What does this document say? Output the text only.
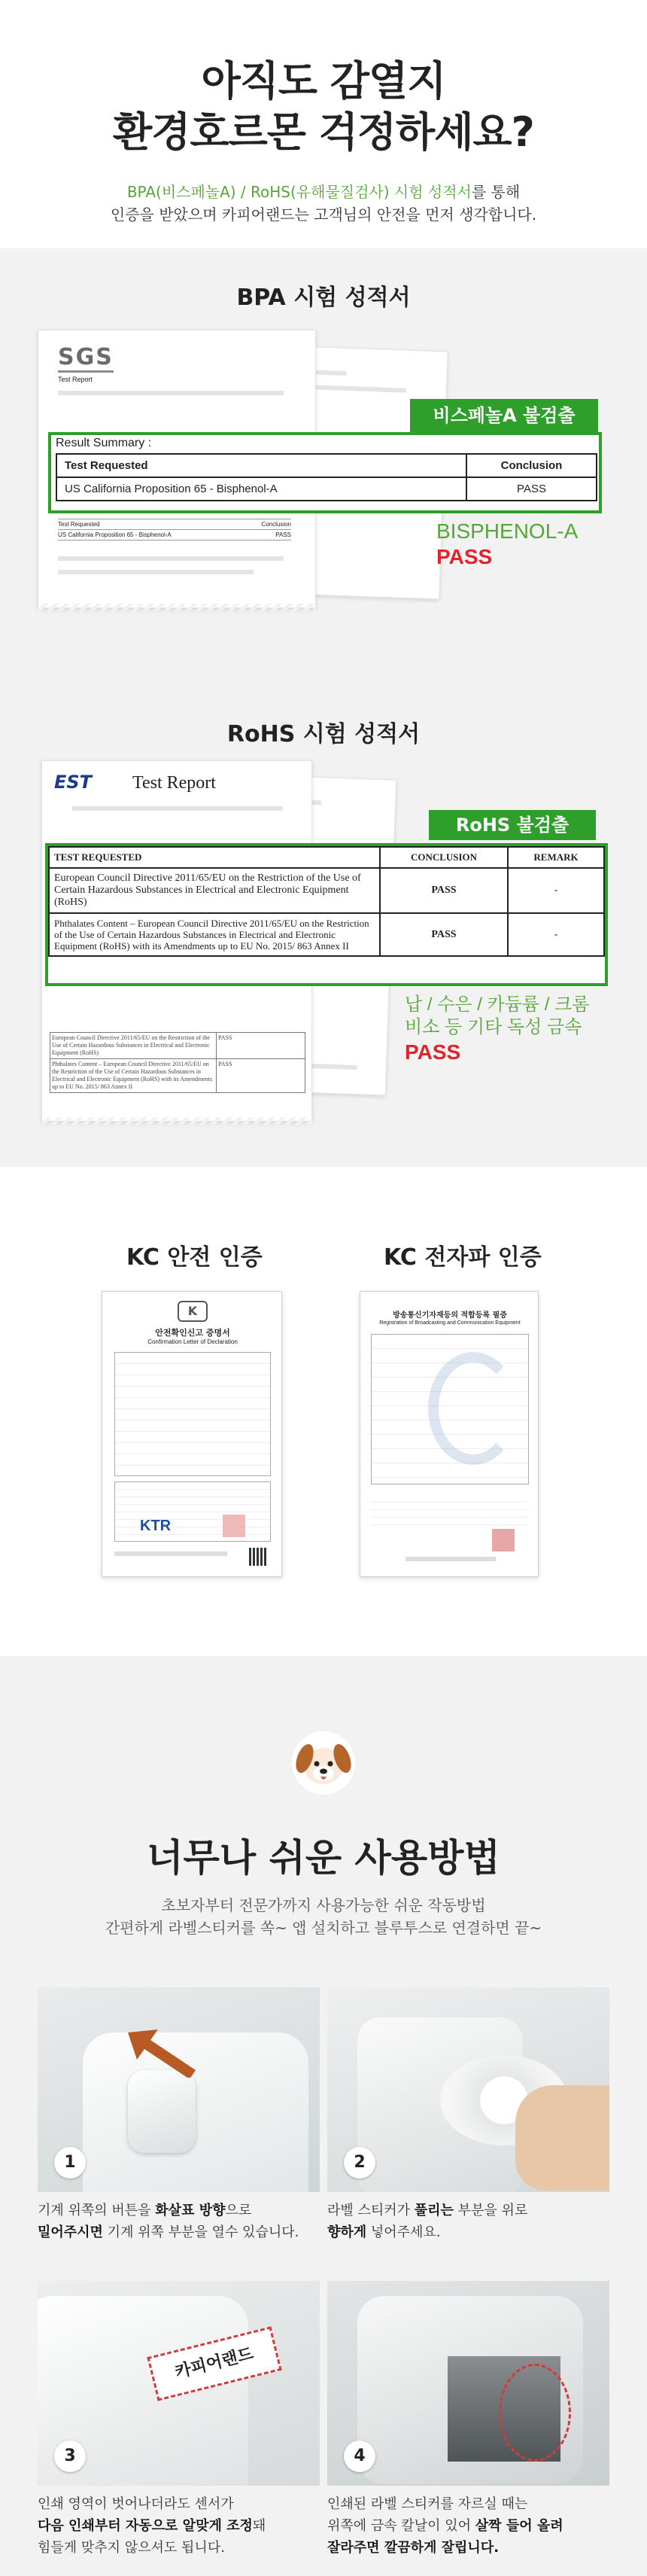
아직도 감열지
환경호르몬 걱정하세요?
BPA(비스페놀A) / RoHS(유해물질검사) 시험 성적서를 통해
인증을 받았으며 카피어랜드는 고객님의 안전을 먼저 생각합니다.
BPA 시험 성적서
SGS
Test Report
Test Requested	Conclusion
US California Proposition 65 - Bisphenol-A	PASS
Result Summary :
Test Requested	Conclusion
US California Proposition 65 - Bisphenol-A	PASS
비스페놀A 불검출
BISPHENOL-A
PASS
RoHS 시험 성적서
EST Test Report
European Council Directive 2011/65/EU on the Restriction of the Use of Certain Hazardous Substances in Electrical and Electronic Equipment (RoHS)
PASS
Phthalates Content – European Council Directive 2011/65/EU on the Restriction of the Use of Certain Hazardous Substances in Electrical and Electronic Equipment (RoHS) with its Amendments up to EU No. 2015/ 863 Annex II
PASS
TEST REQUESTED	CONCLUSION	REMARK
European Council Directive 2011/65/EU on the Restriction of the Use of Certain Hazardous Substances in Electrical and Electronic Equipment (RoHS)	PASS	-
Phthalates Content – European Council Directive 2011/65/EU on the Restriction of the Use of Certain Hazardous Substances in Electrical and Electronic Equipment (RoHS) with its Amendments up to EU No. 2015/ 863 Annex II	PASS	-
RoHS 불검출
납 / 수은 / 카듐륨 / 크롬
비소 등 기타 독성 금속
PASS
KC 안전 인증	KC 전자파 인증
K
안전확인신고 증명서
Confirmation Letter of Declaration
KTR
방송통신기자재등의 적합등록 필증
Registration of Broadcasting and Communication Equipment
너무나 쉬운 사용방법
초보자부터 전문가까지 사용가능한 쉬운 작동방법
간편하게 라벨스티커를 쏙~ 앱 설치하고 블루투스로 연결하면 끝~
1
기계 위쪽의 버튼을 화살표 방향으로
밀어주시면 기계 위쪽 부분을 열수 있습니다.
2
라벨 스티커가 풀리는 부분을 위로
향하게 넣어주세요.
카피어랜드
3
인쇄 영역이 벗어나더라도 센서가
다음 인쇄부터 자동으로 알맞게 조정돼
힘들게 맞추지 않으셔도 됩니다.
4
인쇄된 라벨 스티커를 자르실 때는
위쪽에 금속 칼날이 있어 살짝 들어 올려
잘라주면 깔끔하게 잘립니다.
